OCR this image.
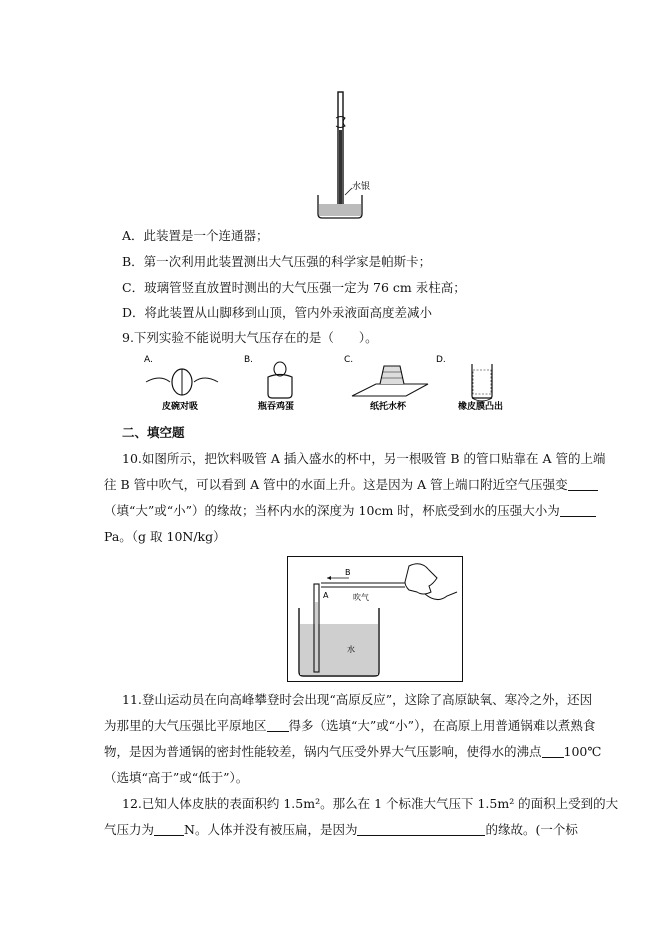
水银
A．此装置是一个连通器；
B．第一次利用此装置测出大气压强的科学家是帕斯卡；
C．玻璃管竖直放置时测出的大气压强一定为 76 cm 汞柱高；
D．将此装置从山脚移到山顶，管内外汞液面高度差减小
9.下列实验不能说明大气压存在的是（　　）。
A.
皮碗对吸
B.
瓶吞鸡蛋
C.
纸托水杯
D.
橡皮膜凸出
二、填空题
10.如图所示，把饮料吸管 A 插入盛水的杯中，另一根吸管 B 的管口贴靠在 A 管的上端
往 B 管中吹气，可以看到 A 管中的水面上升。这是因为 A 管上端口附近空气压强变
（填“大”或“小”）的缘故；当杯内水的深度为 10cm 时，杯底受到水的压强大小为
Pa。（g 取 10N/kg）
B
A	吹气
水
11.登山运动员在向高峰攀登时会出现“高原反应”，这除了高原缺氧、寒冷之外，还因
为那里的大气压强比平原地区 得多（选填“大”或“小”），在高原上用普通锅难以煮熟食
物，是因为普通锅的密封性能较差，锅内气压受外界大气压影响，使得水的沸点 100℃
（选填“高于”或“低于”）。
12.已知人体皮肤的表面积约 1.5m²。那么在 1 个标准大气压下 1.5m² 的面积上受到的大
气压力为 N。人体并没有被压扁，是因为	的缘故。(一个标
